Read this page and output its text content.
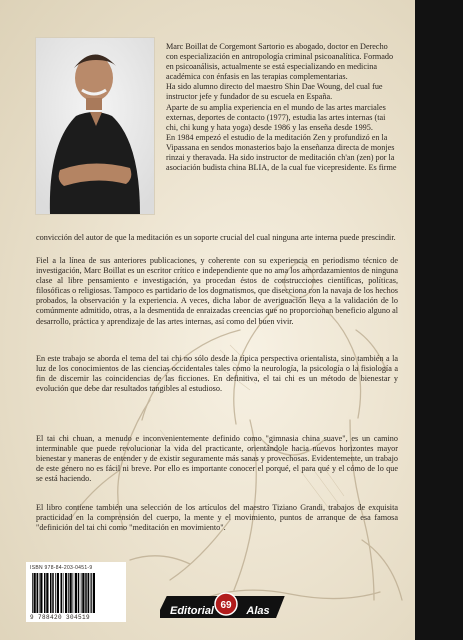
Marc Boillat de Corgemont Sartorio es abogado, doctor en Derecho con especialización en antropología criminal psicoanalítica. Formado en psicoanálisis, actualmente se está especializando en medicina académica con énfasis en las terapias complementarias.

Ha sido alumno directo del maestro Shin Dae Woung, del cual fue instructor jefe y fundador de su escuela en España.

Aparte de su amplia experiencia en el mundo de las artes marciales externas, deportes de contacto (1977), estudia las artes internas (tai chi, chi kung y hata yoga) desde 1986 y las enseña desde 1995.

En 1984 empezó el estudio de la meditación Zen y profundizó en la Vipassana en sendos monasterios bajo la enseñanza directa de monjes rinzai y theravada. Ha sido instructor de meditación ch'an (zen) por la asociación budista china BLIA, de la cual fue vicepresidente. Es firme

convicción del autor de que la meditación es un soporte crucial del cual ninguna arte interna puede prescindir.

Fiel a la línea de sus anteriores publicaciones, y coherente con su experiencia en periodismo técnico de investigación, Marc Boillat es un escritor crítico e independiente que no ama los amordazamientos de ninguna clase al libre pensamiento e investigación, ya procedan éstos de construcciones científicas, políticas, filosóficas o religiosas. Tampoco es partidario de los dogmatismos, que disecciona con la navaja de los hechos probados, la observación y la experiencia. A veces, dicha labor de averiguación lleva a la validación de lo comúnmente admitido, otras, a la desmentida de enraizadas creencias que no proporcionan beneficio alguno al desarrollo, práctica y aprendizaje de las artes internas, así como del buen vivir.

En este trabajo se aborda el tema del tai chi no sólo desde la típica perspectiva orientalista, sino también a la luz de los conocimientos de las ciencias occidentales tales como la neurología, la psicología o la fisiología a fin de discernir las coincidencias de las ficciones. En definitiva, el tai chi es un método de bienestar y evolución que debe dar resultados tangibles al estudioso.

El tai chi chuan, a menudo e inconvenientemente definido como "gimnasia china suave", es un camino interminable que puede revolucionar la vida del practicante, orientándole hacia nuevos horizontes mayor bienestar y maneras de entender y de existir seguramente más sanas y provechosas. Evidentemente, un trabajo de este género no es fácil ni breve. Por ello es importante conocer el porqué, el para qué y el cómo de lo que se está haciendo.

El libro contiene también una selección de los artículos del maestro Tiziano Grandi, trabajos de exquisita practicidad en la comprensión del cuerpo, la mente y el movimiento, puntos de arranque de esa famosa "definición del tai chi como "meditación en movimiento".

ISBN 978-84-203-0451-9
9 788420 304519
69
Editorial	Alas
